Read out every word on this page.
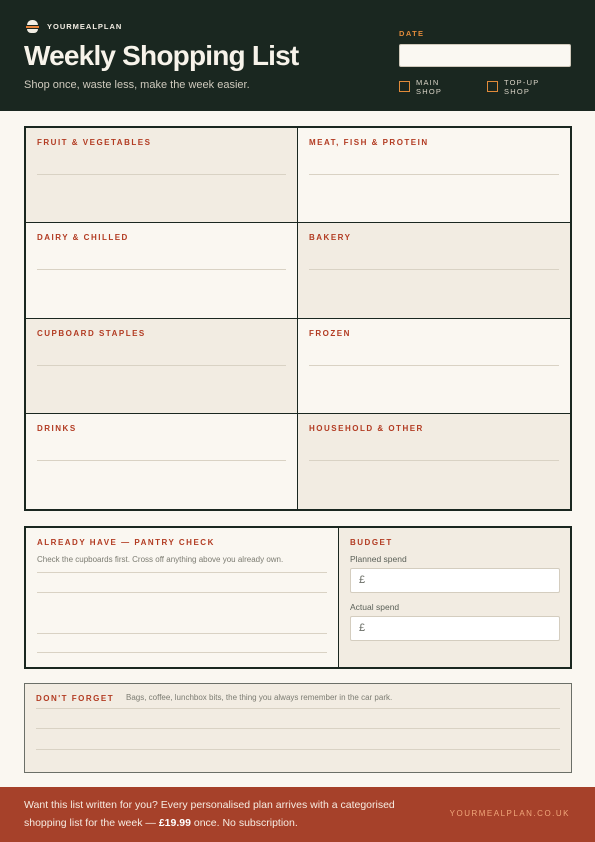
YOURMEALPLAN
Weekly Shopping List
Shop once, waste less, make the week easier.
DATE
MAIN SHOP
TOP-UP SHOP
FRUIT & VEGETABLES	MEAT, FISH & PROTEIN
DAIRY & CHILLED	BAKERY
CUPBOARD STAPLES	FROZEN
DRINKS	HOUSEHOLD & OTHER
ALREADY HAVE — PANTRY CHECK
Check the cupboards first. Cross off anything above you already own.
BUDGET
Planned spend
£
Actual spend
£
DON'T FORGET Bags, coffee, lunchbox bits, the thing you always remember in the car park.
Want this list written for you? Every personalised plan arrives with a categorised shopping list for the week — £19.99 once. No subscription.
YOURMEALPLAN.CO.UK
